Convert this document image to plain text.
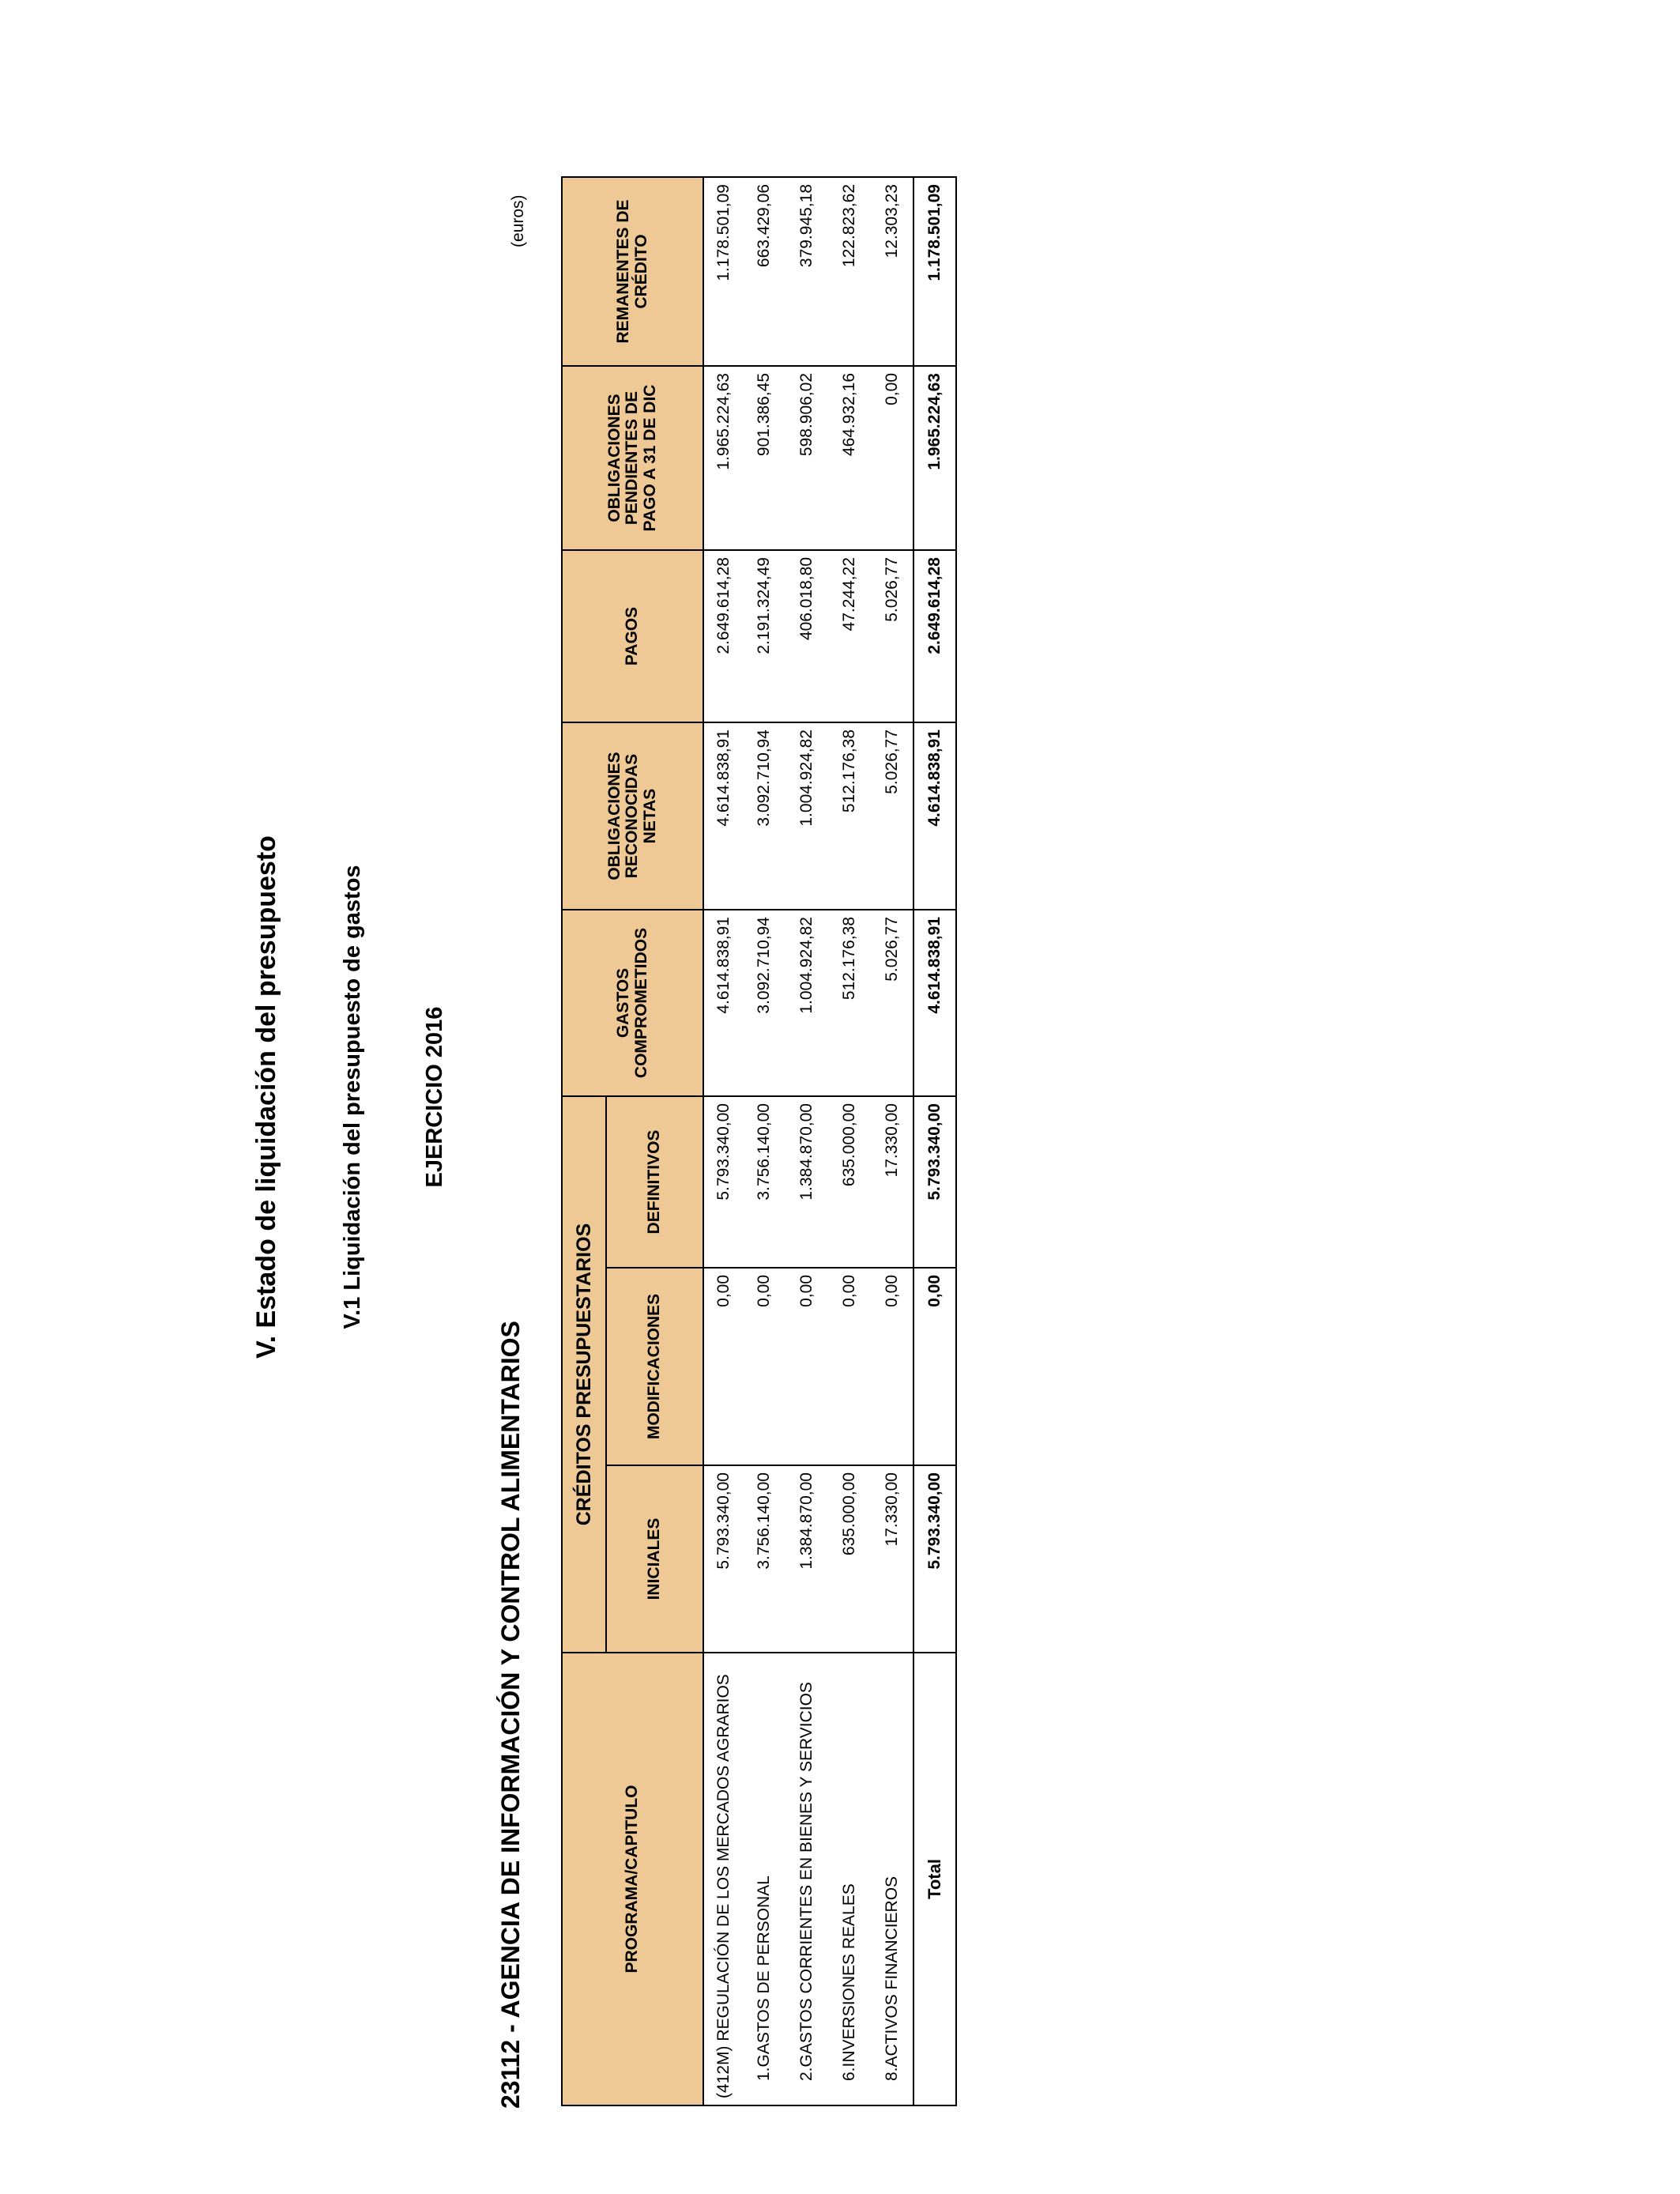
V. Estado de liquidación del presupuesto	V.1 Liquidación del presupuesto de gastos EJERCICIO 2016
23112 - AGENCIA DE INFORMACIÓN Y CONTROL ALIMENTARIOS
(euros)
PROGRAMA/CAPITULO	CRÉDITOS PRESUPUESTARIOS			GASTOS COMPROMETIDOS	OBLIGACIONES RECONOCIDAS NETAS	PAGOS	OBLIGACIONES PENDIENTES DE PAGO A 31 DE DIC	REMANENTES DE CRÉDITO
	INICIALES	MODIFICACIONES	DEFINITIVOS					
(412M) REGULACIÓN DE LOS MERCADOS AGRARIOS	5.793.340,00	0,00	5.793.340,00	4.614.838,91	4.614.838,91	2.649.614,28	1.965.224,63	1.178.501,09
1.GASTOS DE PERSONAL	3.756.140,00	0,00	3.756.140,00	3.092.710,94	3.092.710,94	2.191.324,49	901.386,45	663.429,06
2.GASTOS CORRIENTES EN BIENES Y SERVICIOS	1.384.870,00	0,00	1.384.870,00	1.004.924,82	1.004.924,82	406.018,80	598.906,02	379.945,18
6.INVERSIONES REALES	635.000,00	0,00	635.000,00	512.176,38	512.176,38	47.244,22	464.932,16	122.823,62
8.ACTIVOS FINANCIEROS	17.330,00	0,00	17.330,00	5.026,77	5.026,77	5.026,77	0,00	12.303,23
Total	5.793.340,00	0,00	5.793.340,00	4.614.838,91	4.614.838,91	2.649.614,28	1.965.224,63	1.178.501,09
